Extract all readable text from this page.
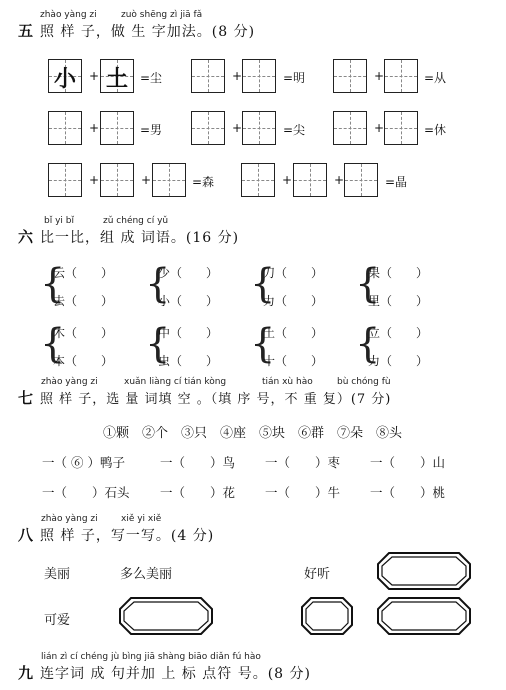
zhào yàng zi	zuò shēng zì jiā fǎ
五 照 样 子，做 生 字加法。(8 分)
小	+ 土	=尘	+	=明	+	=从
+	=男	+	=尖	+	=休
+	+	=森	+	+	=晶
bǐ yi bǐ	zǔ chéng cí yǔ
六 比一比，组 成 词语。(16 分)
{ { { {
{ { { {
云（　　）	少（　　）	刀（　　）	果（　　）
去（　　）	小（　　）	力（　　）	里（　　）
木（　　）	中（　　）	土（　　）	立（　　）
本（　　）	虫（　　）	十（　　）	力（　　）
zhào yàng zi	xuǎn liàng cí tián kòng	tián xù hào	bù chóng fù
七 照 样 子，选 量 词填 空 。（填 序 号，不 重 复）(7 分)
①颗　②个　③只　④座　⑤块　⑥群　⑦朵　⑧头
一（ ⑥ ）鸭子	一（　　）鸟 一（　　）枣 一（　　）山
一（　　）石头 一（　　）花 一（　　）牛 一（　　）桃
zhào yàng zi	xiě yi xiě
八 照 样 子，写一写。(4 分)
美丽	多么美丽	好听
可爱
lián zì cí chéng jù bìng jiā shàng biāo diǎn fú hào
九 连字词 成 句并加 上 标 点符 号。(8 分)
